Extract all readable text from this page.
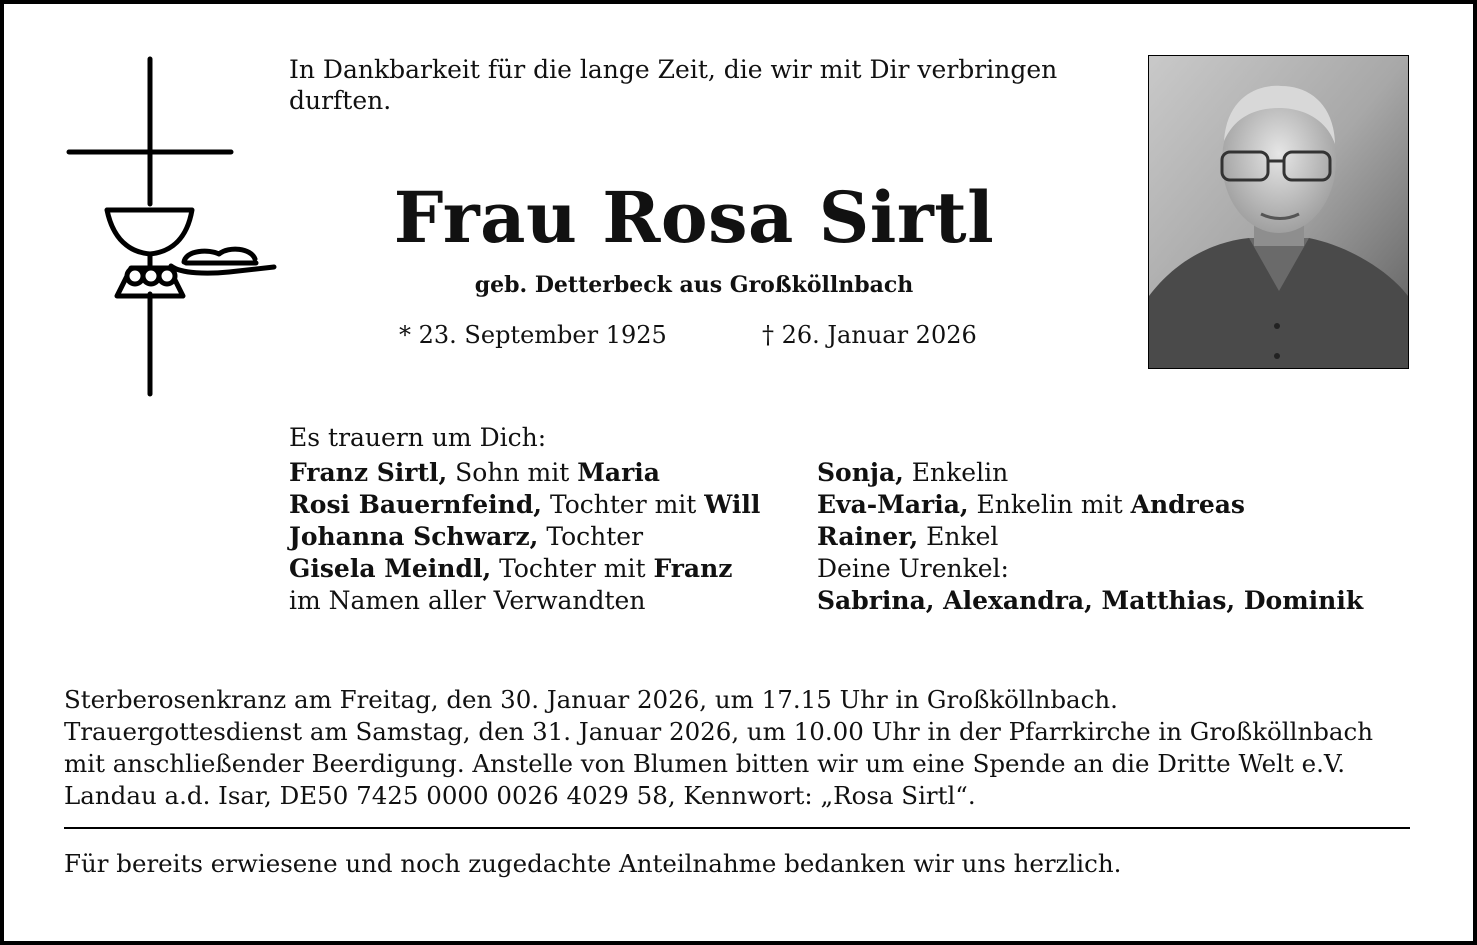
In Dankbarkeit für die lange Zeit, die wir mit Dir verbringen
durften.

Frau Rosa Sirtl

geb. Detterbeck aus Großköllnbach

* 23. September 1925	† 26. Januar 2026

Es trauern um Dich:

Franz Sirtl, Sohn mit Maria
Rosi Bauernfeind, Tochter mit Will
Johanna Schwarz, Tochter
Gisela Meindl, Tochter mit Franz
im Namen aller Verwandten
Sonja, Enkelin
Eva-Maria, Enkelin mit Andreas
Rainer, Enkel
Deine Urenkel:
Sabrina, Alexandra, Matthias, Dominik

Sterberosenkranz am Freitag, den 30. Januar 2026, um 17.15 Uhr in Großköllnbach.
Trauergottesdienst am Samstag, den 31. Januar 2026, um 10.00 Uhr in der Pfarrkirche in Großköllnbach
mit anschließender Beerdigung. Anstelle von Blumen bitten wir um eine Spende an die Dritte Welt e.V.
Landau a.d. Isar, DE50 7425 0000 0026 4029 58, Kennwort: „Rosa Sirtl“.

Für bereits erwiesene und noch zugedachte Anteilnahme bedanken wir uns herzlich.
